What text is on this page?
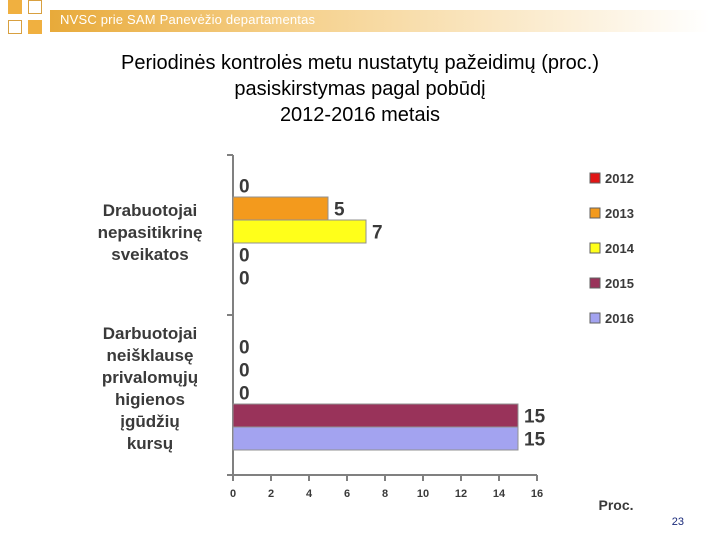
NVSC prie SAM Panevėžio departamentas
Periodinės kontrolės metu nustatytų pažeidimų (proc.)
pasiskirstymas pagal pobūdį
2012-2016 metais
Drabuotojai
nepasitikrinę
sveikatos
Darbuotojai
neišklausę
privalomųjų
higienos
įgūdžių
kursų
0	2	4	6	8	10 12 14 16
Proc.
0
5
7
0
0
0
0
0
15
15
2012
2013
2014
2015
2016
23
